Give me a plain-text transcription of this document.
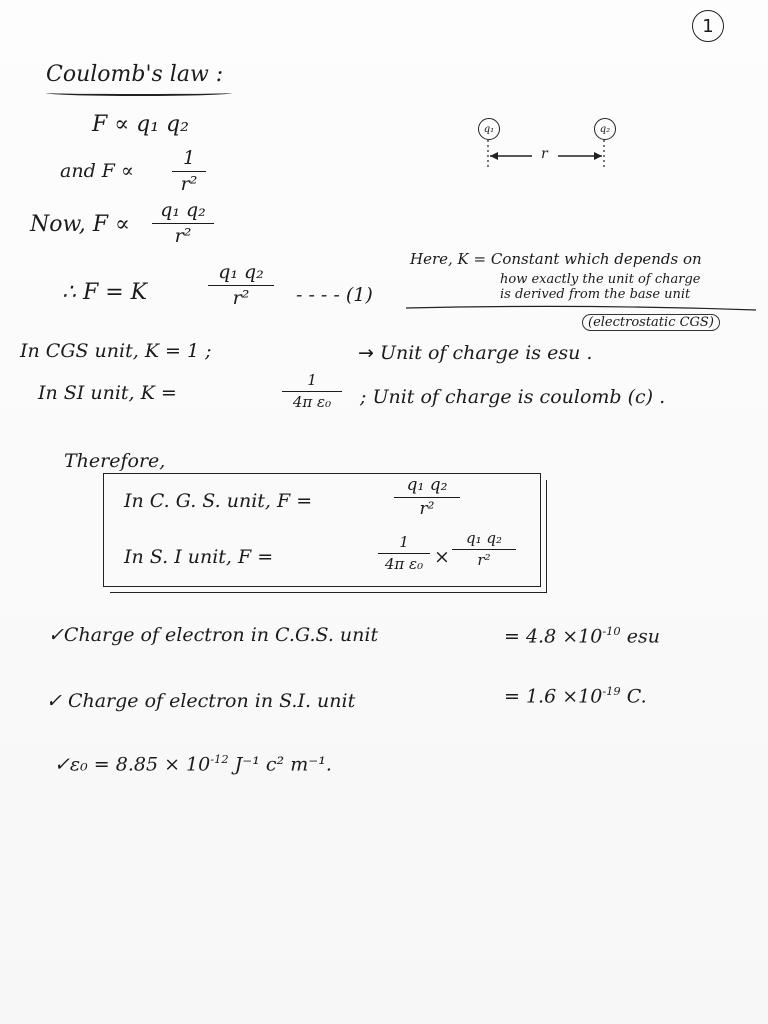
1
Coulomb's law :
F ∝ q₁ q₂
and F ∝
1
r²
Now, F ∝
q₁ q₂
r²
∴ F = K
q₁ q₂
r²	- - - - (1)
q₁	q₂
r
Here, K = Constant which depends on
how exactly the unit of charge
is derived from the base unit
(electrostatic CGS)
In CGS unit, K = 1 ;	→ Unit of charge is esu .
In SI unit, K =
1
4π ε₀	; Unit of charge is coulomb (c) .
Therefore,
In C. G. S. unit, F =
q₁ q₂
r²
In S. I unit, F =
1
4π ε₀ ×
q₁ q₂
r²
✓Charge of electron in C.G.S. unit	= $4.8 \times 10^{-10}$ esu
✓ Charge of electron in S.I. unit	= $1.6 \times 10^{-19}$ C.
✓ε₀ = $8.85 \times 10^{-12}$ J⁻¹ c² m⁻¹.
